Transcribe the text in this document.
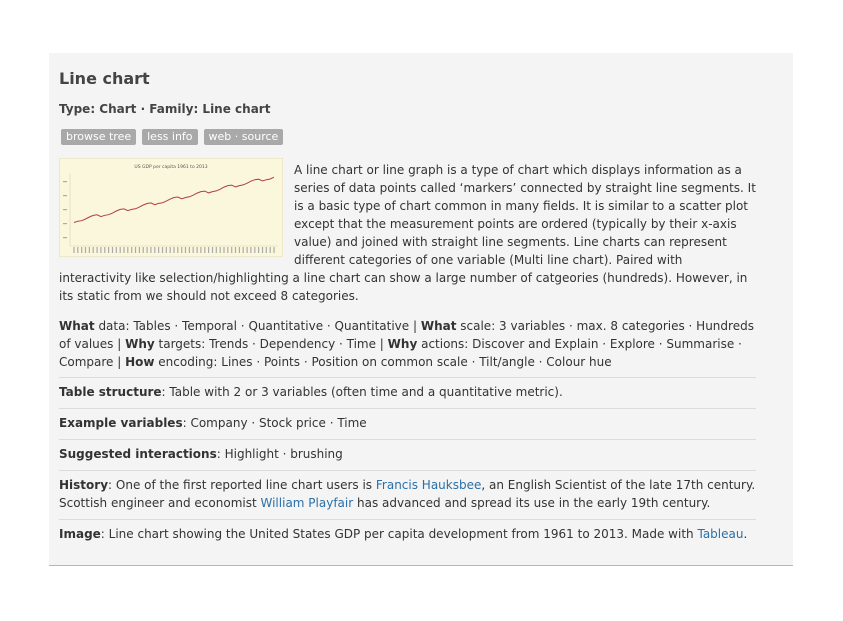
Line chart
Type: Chart · Family: Line chart
browse tree	less info	web · source
US GDP per capita 1961 to 2013	A line chart or line graph is a type of chart which displays information as a series of data points called ‘markers’ connected by straight line segments. It is a basic type of chart common in many fields. It is similar to a scatter plot except that the measurement points are ordered (typically by their x-axis value) and joined with straight line segments. Line charts can represent different categories of one variable (Multi line chart). Paired with interactivity like selection/highlighting a line chart can show a large number of catgeories (hundreds). However, in its static from we should not exceed 8 categories.

What data: Tables · Temporal · Quantitative · Quantitative | What scale: 3 variables · max. 8 categories · Hundreds of values | Why targets: Trends · Dependency · Time | Why actions: Discover and Explain · Explore · Summarise · Compare | How encoding: Lines · Points · Position on common scale · Tilt/angle · Colour hue
Table structure: Table with 2 or 3 variables (often time and a quantitative metric).
Example variables: Company · Stock price · Time
Suggested interactions: Highlight · brushing
History: One of the first reported line chart users is Francis Hauksbee, an English Scientist of the late 17th century. Scottish engineer and economist William Playfair has advanced and spread its use in the early 19th century.
Image: Line chart showing the United States GDP per capita development from 1961 to 2013. Made with Tableau.
